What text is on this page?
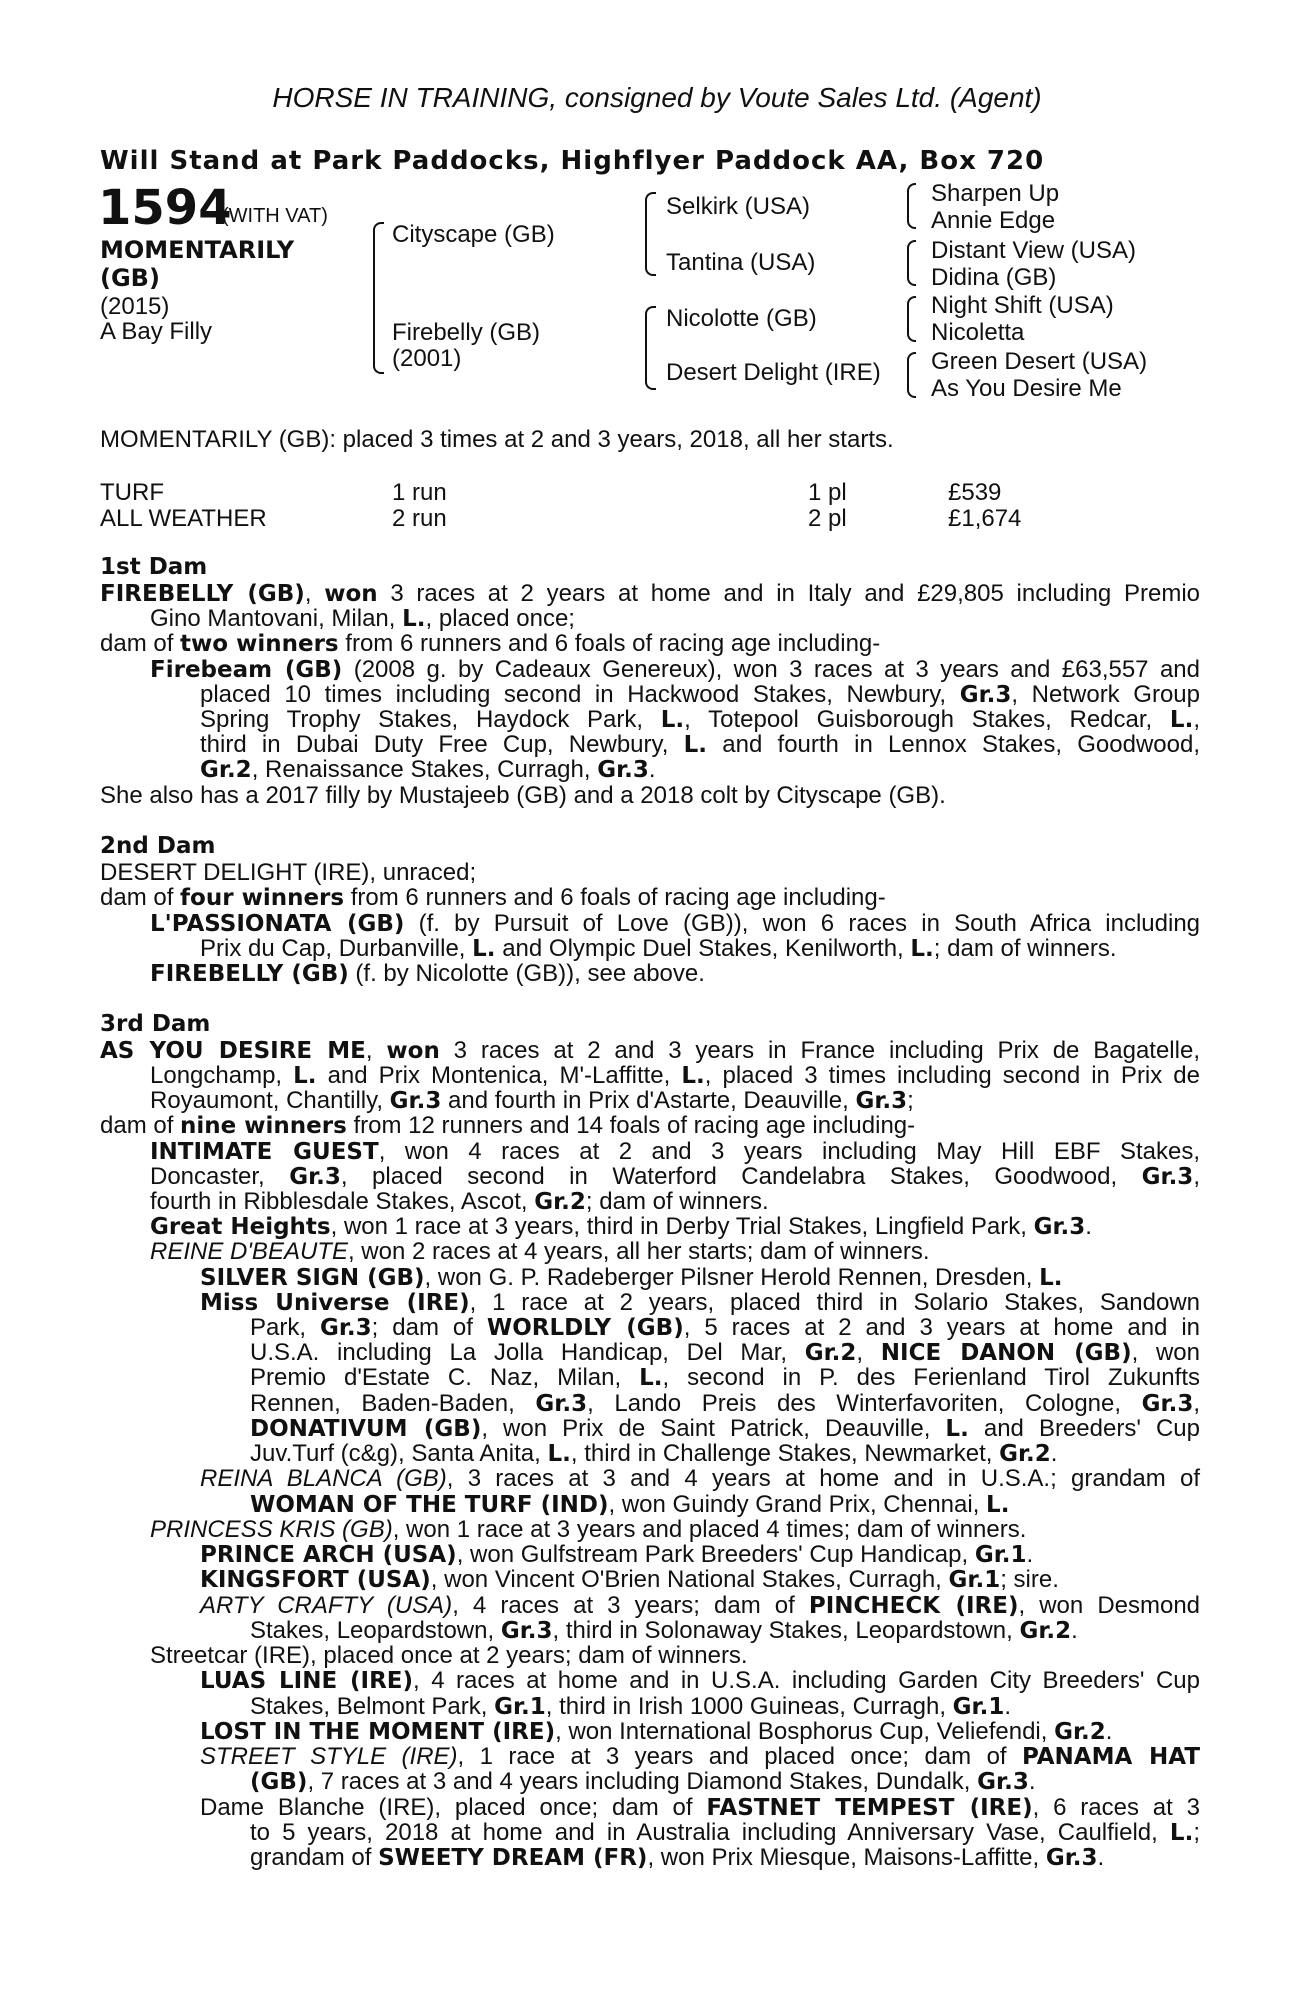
HORSE IN TRAINING, consigned by Voute Sales Ltd. (Agent)
Will Stand at Park Paddocks, Highflyer Paddock AA, Box 720
1594
(WITH VAT)
MOMENTARILY
(GB)
(2015)
A Bay Filly
Cityscape (GB)
Firebelly (GB)
(2001)
Selkirk (USA)
Tantina (USA)
Nicolotte (GB)
Desert Delight (IRE)
Sharpen Up
Annie Edge
Distant View (USA)
Didina (GB)
Night Shift (USA)
Nicoletta
Green Desert (USA)
As You Desire Me
MOMENTARILY (GB): placed 3 times at 2 and 3 years, 2018, all her starts.
TURF	1 run	1 pl	£539
ALL WEATHER	2 run	2 pl	£1,674
1st Dam
FIREBELLY (GB), won 3 races at 2 years at home and in Italy and £29,805 including Premio
Gino Mantovani, Milan, L., placed once;
dam of two winners from 6 runners and 6 foals of racing age including-
Firebeam (GB) (2008 g. by Cadeaux Genereux), won 3 races at 3 years and £63,557 and
placed 10 times including second in Hackwood Stakes, Newbury, Gr.3, Network Group
Spring Trophy Stakes, Haydock Park, L., Totepool Guisborough Stakes, Redcar, L.,
third in Dubai Duty Free Cup, Newbury, L. and fourth in Lennox Stakes, Goodwood,
Gr.2, Renaissance Stakes, Curragh, Gr.3.
She also has a 2017 filly by Mustajeeb (GB) and a 2018 colt by Cityscape (GB).
2nd Dam
DESERT DELIGHT (IRE), unraced;
dam of four winners from 6 runners and 6 foals of racing age including-
L'PASSIONATA (GB) (f. by Pursuit of Love (GB)), won 6 races in South Africa including
Prix du Cap, Durbanville, L. and Olympic Duel Stakes, Kenilworth, L.; dam of winners.
FIREBELLY (GB) (f. by Nicolotte (GB)), see above.
3rd Dam
AS YOU DESIRE ME, won 3 races at 2 and 3 years in France including Prix de Bagatelle,
Longchamp, L. and Prix Montenica, M'-Laffitte, L., placed 3 times including second in Prix de
Royaumont, Chantilly, Gr.3 and fourth in Prix d'Astarte, Deauville, Gr.3;
dam of nine winners from 12 runners and 14 foals of racing age including-
INTIMATE GUEST, won 4 races at 2 and 3 years including May Hill EBF Stakes,
Doncaster, Gr.3, placed second in Waterford Candelabra Stakes, Goodwood, Gr.3,
fourth in Ribblesdale Stakes, Ascot, Gr.2; dam of winners.
Great Heights, won 1 race at 3 years, third in Derby Trial Stakes, Lingfield Park, Gr.3.
REINE D'BEAUTE, won 2 races at 4 years, all her starts; dam of winners.
SILVER SIGN (GB), won G. P. Radeberger Pilsner Herold Rennen, Dresden, L.
Miss Universe (IRE), 1 race at 2 years, placed third in Solario Stakes, Sandown
Park, Gr.3; dam of WORLDLY (GB), 5 races at 2 and 3 years at home and in
U.S.A. including La Jolla Handicap, Del Mar, Gr.2, NICE DANON (GB), won
Premio d'Estate C. Naz, Milan, L., second in P. des Ferienland Tirol Zukunfts
Rennen, Baden-Baden, Gr.3, Lando Preis des Winterfavoriten, Cologne, Gr.3,
DONATIVUM (GB), won Prix de Saint Patrick, Deauville, L. and Breeders' Cup
Juv.Turf (c&g), Santa Anita, L., third in Challenge Stakes, Newmarket, Gr.2.
REINA BLANCA (GB), 3 races at 3 and 4 years at home and in U.S.A.; grandam of
WOMAN OF THE TURF (IND), won Guindy Grand Prix, Chennai, L.
PRINCESS KRIS (GB), won 1 race at 3 years and placed 4 times; dam of winners.
PRINCE ARCH (USA), won Gulfstream Park Breeders' Cup Handicap, Gr.1.
KINGSFORT (USA), won Vincent O'Brien National Stakes, Curragh, Gr.1; sire.
ARTY CRAFTY (USA), 4 races at 3 years; dam of PINCHECK (IRE), won Desmond
Stakes, Leopardstown, Gr.3, third in Solonaway Stakes, Leopardstown, Gr.2.
Streetcar (IRE), placed once at 2 years; dam of winners.
LUAS LINE (IRE), 4 races at home and in U.S.A. including Garden City Breeders' Cup
Stakes, Belmont Park, Gr.1, third in Irish 1000 Guineas, Curragh, Gr.1.
LOST IN THE MOMENT (IRE), won International Bosphorus Cup, Veliefendi, Gr.2.
STREET STYLE (IRE), 1 race at 3 years and placed once; dam of PANAMA HAT
(GB), 7 races at 3 and 4 years including Diamond Stakes, Dundalk, Gr.3.
Dame Blanche (IRE), placed once; dam of FASTNET TEMPEST (IRE), 6 races at 3
to 5 years, 2018 at home and in Australia including Anniversary Vase, Caulfield, L.;
grandam of SWEETY DREAM (FR), won Prix Miesque, Maisons-Laffitte, Gr.3.
